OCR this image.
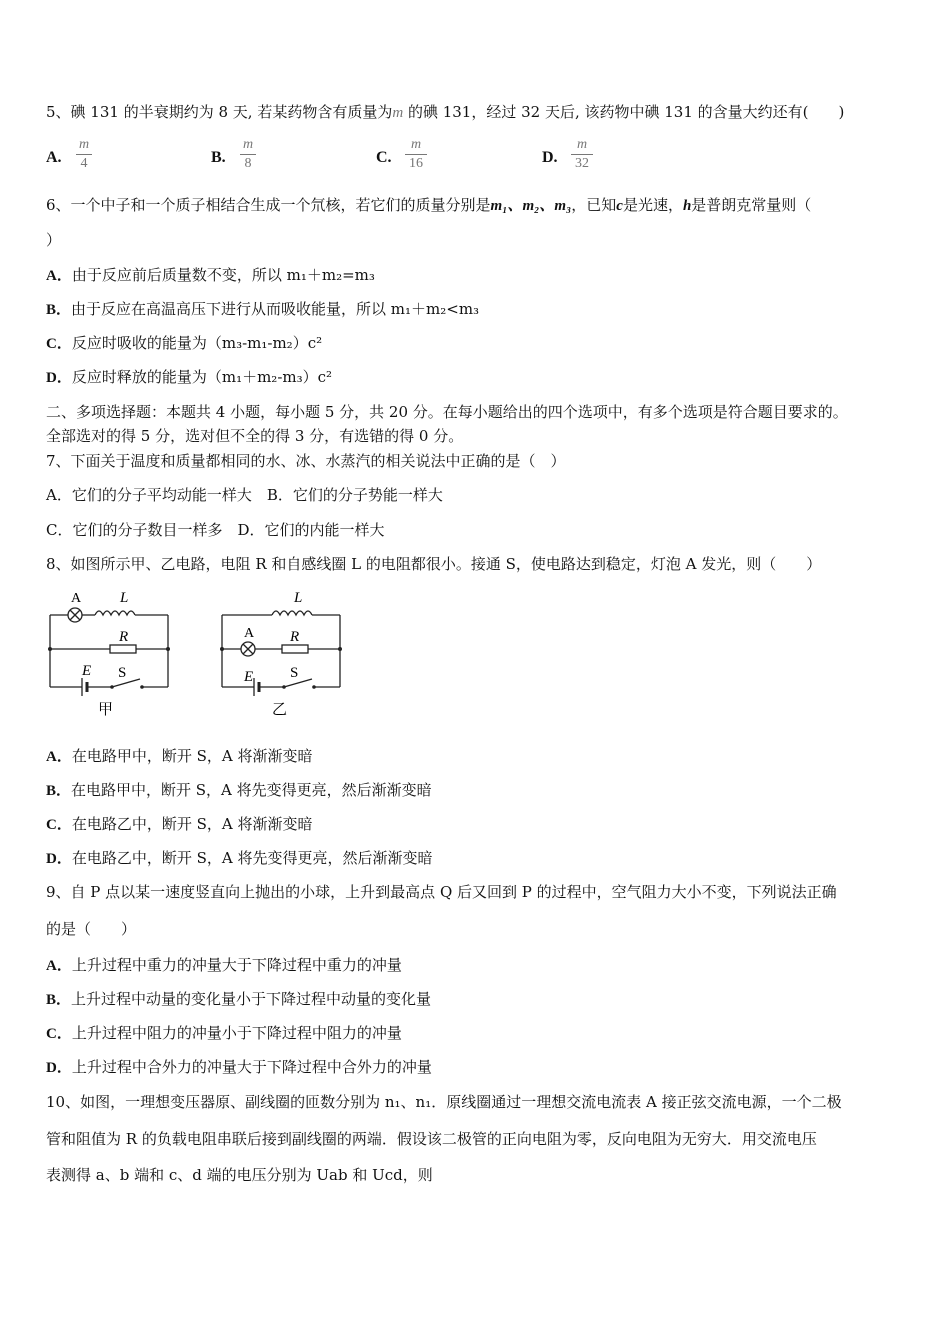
5、碘 131 的半衰期约为 8 天, 若某药物含有质量为m 的碘 131，经过 32 天后, 该药物中碘 131 的含量大约还有(　　)
A.
m
4	B.
m
8	C.
m
16	D.
m
32
6、一个中子和一个质子相结合生成一个氘核，若它们的质量分别是m₁、m₂、m₃，已知c是光速，h是普朗克常量则（
）
A．由于反应前后质量数不变，所以 m₁＋m₂=m₃
B．由于反应在高温高压下进行从而吸收能量，所以 m₁＋m₂<m₃
C．反应时吸收的能量为（m₃-m₁-m₂）c²
D．反应时释放的能量为（m₁＋m₂-m₃）c²
二、多项选择题：本题共 4 小题，每小题 5 分，共 20 分。在每小题给出的四个选项中，有多个选项是符合题目要求的。
全部选对的得 5 分，选对但不全的得 3 分，有选错的得 0 分。
7、下面关于温度和质量都相同的水、冰、水蒸汽的相关说法中正确的是（　）
A．它们的分子平均动能一样大　B．它们的分子势能一样大
C．它们的分子数目一样多　D．它们的内能一样大
8、如图所示甲、乙电路，电阻 R 和自感线圈 L 的电阻都很小。接通 S，使电路达到稳定，灯泡 A 发光，则（　　）
A	L
R
E S
甲
L
A R
E S
乙
A．在电路甲中，断开 S，A 将渐渐变暗
B．在电路甲中，断开 S，A 将先变得更亮，然后渐渐变暗
C．在电路乙中，断开 S，A 将渐渐变暗
D．在电路乙中，断开 S，A 将先变得更亮，然后渐渐变暗
9、自 P 点以某一速度竖直向上抛出的小球，上升到最高点 Q 后又回到 P 的过程中，空气阻力大小不变，下列说法正确
的是（　　）
A．上升过程中重力的冲量大于下降过程中重力的冲量
B．上升过程中动量的变化量小于下降过程中动量的变化量
C．上升过程中阻力的冲量小于下降过程中阻力的冲量
D．上升过程中合外力的冲量大于下降过程中合外力的冲量
10、如图，一理想变压器原、副线圈的匝数分别为 n₁、n₁．原线圈通过一理想交流电流表 A 接正弦交流电源，一个二极
管和阻值为 R 的负载电阻串联后接到副线圈的两端．假设该二极管的正向电阻为零，反向电阻为无穷大．用交流电压
表测得 a、b 端和 c、d 端的电压分别为 Uab 和 Ucd，则
